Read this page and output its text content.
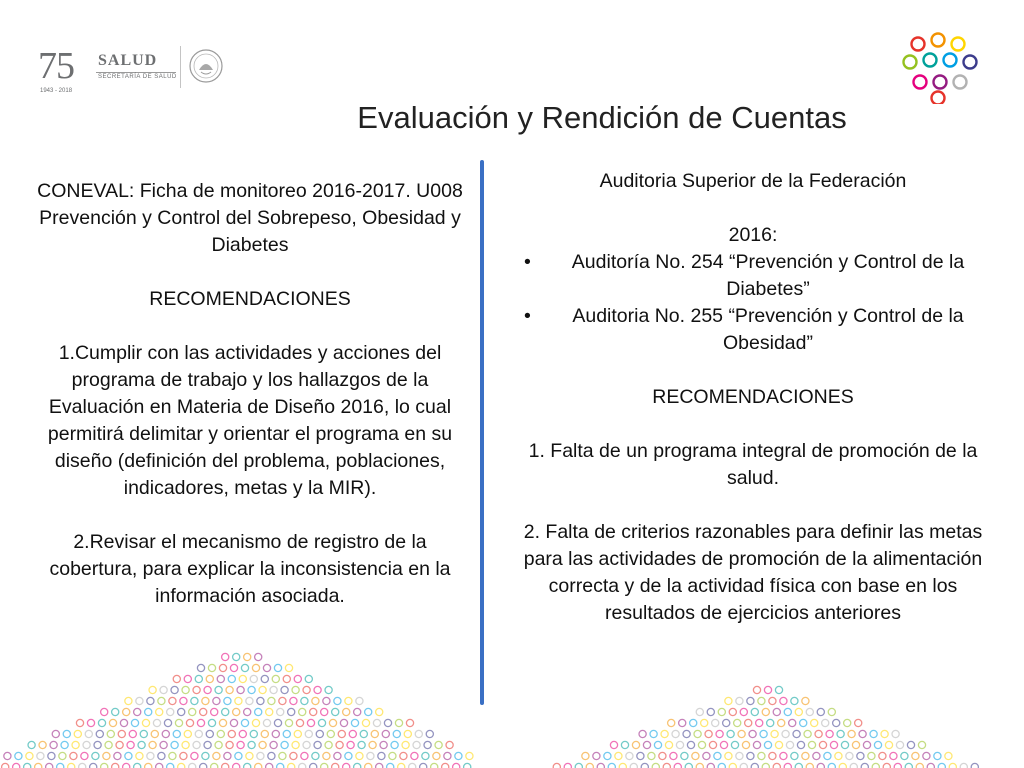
75
1943 - 2018
SALUD
SECRETARÍA DE SALUD
Evaluación y Rendición de Cuentas

CONEVAL: Ficha de monitoreo 2016-2017. U008 Prevención y Control del Sobrepeso, Obesidad y Diabetes

RECOMENDACIONES

1.Cumplir con las actividades y acciones del programa de trabajo y los hallazgos de la Evaluación en Materia de Diseño 2016, lo cual permitirá delimitar y orientar el programa en su diseño (definición del problema, poblaciones, indicadores, metas y la MIR).

2.Revisar el mecanismo de registro de la cobertura, para explicar la inconsistencia en la información asociada.

Auditoria Superior de la Federación

2016:

•	Auditoría No. 254 “Prevención y Control de la Diabetes”

•	Auditoria No. 255 “Prevención y Control de la Obesidad”

RECOMENDACIONES

1. Falta de un programa integral de promoción de la salud.

2. Falta de criterios razonables para definir las metas para las actividades de promoción de la alimentación correcta y de la actividad física con base en los resultados de ejercicios anteriores
